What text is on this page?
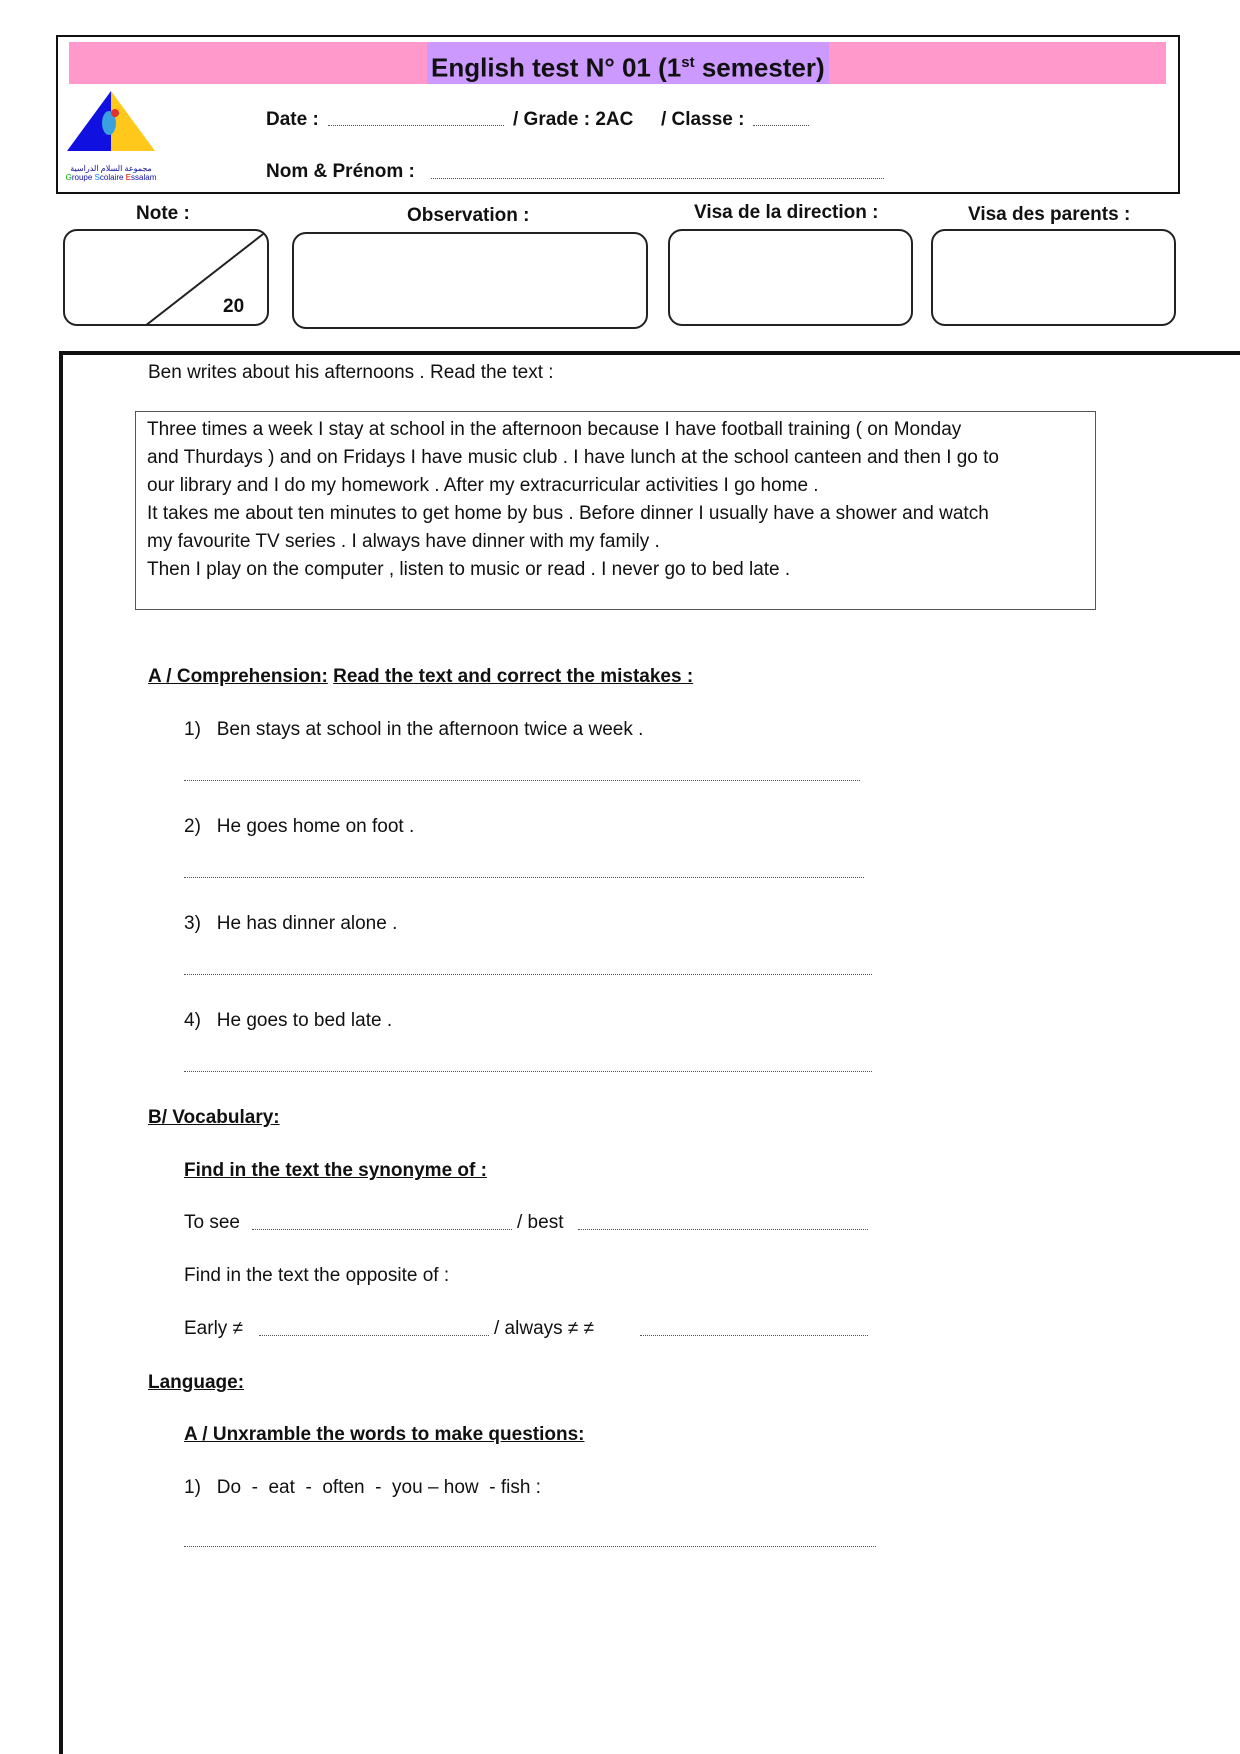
English test N° 01 (1st semester)
مجموعة السلام الدراسية
Groupe Scolaire Essalam
Date :	/ Grade : 2AC / Classe :
Nom & Prénom :
Note :	Observation :	Visa de la direction :	Visa des parents :
20
Ben writes about his afternoons . Read the text :
Three times a week I stay at school in the afternoon because I have football training ( on Monday
and Thurdays ) and on Fridays I have music club . I have lunch at the school canteen and then I go to
our library and I do my homework . After my extracurricular activities I go home .
It takes me about ten minutes to get home by bus . Before dinner I usually have a shower and watch
my favourite TV series . I always have dinner with my family .
Then I play on the computer , listen to music or read . I never go to bed late .
A / Comprehension: Read the text and correct the mistakes :
1) Ben stays at school in the afternoon twice a week .
2) He goes home on foot .
3) He has dinner alone .
4) He goes to bed late .
B/ Vocabulary:
Find in the text the synonyme of :
To see	/ best
Find in the text the opposite of :
Early ≠	/ always ≠ ≠
Language:
A / Unxramble the words to make questions:
1) Do  -  eat  -  often  -  you – how  - fish :
